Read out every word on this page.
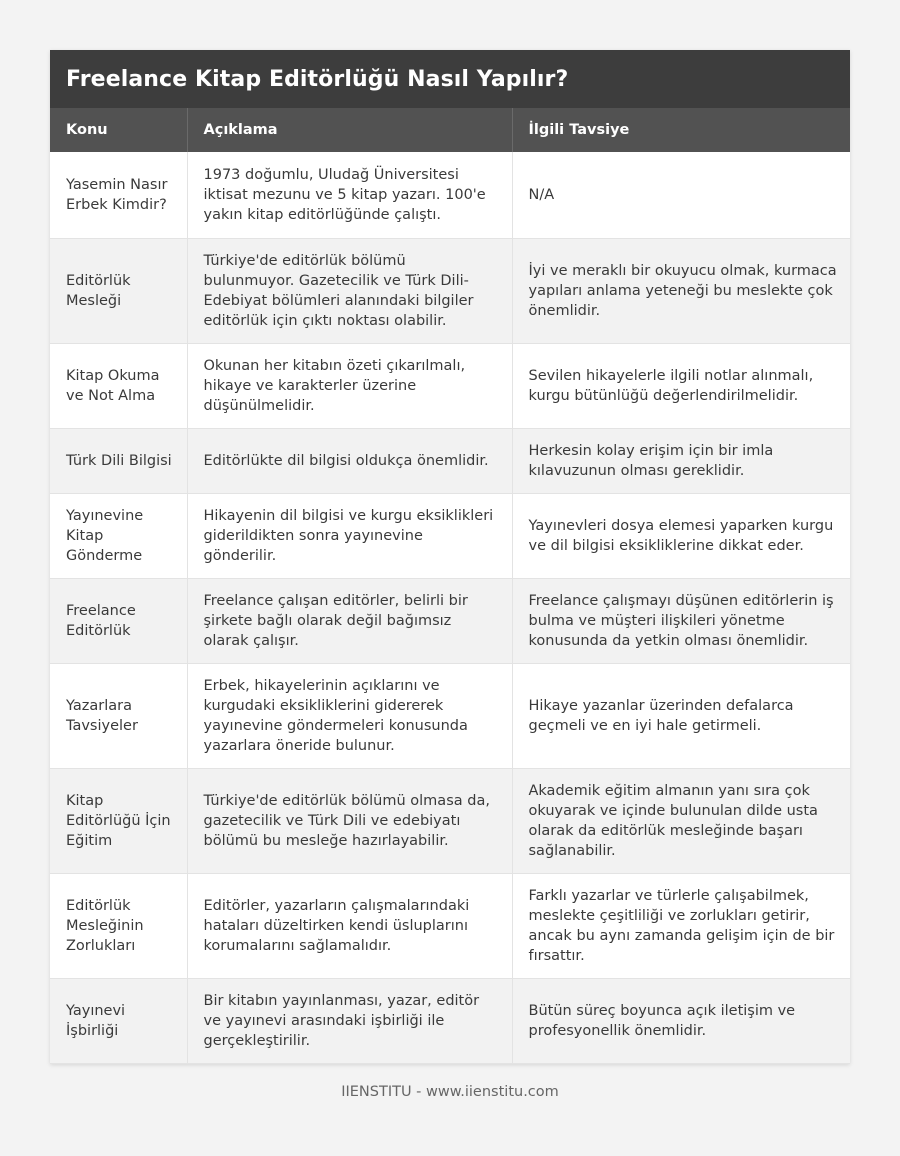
Freelance Kitap Editörlüğü Nasıl Yapılır?
Konu	Açıklama	İlgili Tavsiye
Yasemin Nasır Erbek Kimdir?	1973 doğumlu, Uludağ Üniversitesi iktisat mezunu ve 5 kitap yazarı. 100'e yakın kitap editörlüğünde çalıştı.	N/A
Editörlük Mesleği	Türkiye'de editörlük bölümü bulunmuyor. Gazetecilik ve Türk Dili-Edebiyat bölümleri alanındaki bilgiler editörlük için çıktı noktası olabilir.	İyi ve meraklı bir okuyucu olmak, kurmaca yapıları anlama yeteneği bu meslekte çok önemlidir.
Kitap Okuma ve Not Alma	Okunan her kitabın özeti çıkarılmalı, hikaye ve karakterler üzerine düşünülmelidir.	Sevilen hikayelerle ilgili notlar alınmalı, kurgu bütünlüğü değerlendirilmelidir.
Türk Dili Bilgisi	Editörlükte dil bilgisi oldukça önemlidir.	Herkesin kolay erişim için bir imla kılavuzunun olması gereklidir.
Yayınevine Kitap Gönderme	Hikayenin dil bilgisi ve kurgu eksiklikleri giderildikten sonra yayınevine gönderilir.	Yayınevleri dosya elemesi yaparken kurgu ve dil bilgisi eksikliklerine dikkat eder.
Freelance Editörlük	Freelance çalışan editörler, belirli bir şirkete bağlı olarak değil bağımsız olarak çalışır.	Freelance çalışmayı düşünen editörlerin iş bulma ve müşteri ilişkileri yönetme konusunda da yetkin olması önemlidir.
Yazarlara Tavsiyeler	Erbek, hikayelerinin açıklarını ve kurgudaki eksikliklerini gidererek yayınevine göndermeleri konusunda yazarlara öneride bulunur.	Hikaye yazanlar üzerinden defalarca geçmeli ve en iyi hale getirmeli.
Kitap Editörlüğü İçin Eğitim	Türkiye'de editörlük bölümü olmasa da, gazetecilik ve Türk Dili ve edebiyatı bölümü bu mesleğe hazırlayabilir.	Akademik eğitim almanın yanı sıra çok okuyarak ve içinde bulunulan dilde usta olarak da editörlük mesleğinde başarı sağlanabilir.
Editörlük Mesleğinin Zorlukları	Editörler, yazarların çalışmalarındaki hataları düzeltirken kendi üsluplarını korumalarını sağlamalıdır.	Farklı yazarlar ve türlerle çalışabilmek, meslekte çeşitliliği ve zorlukları getirir, ancak bu aynı zamanda gelişim için de bir fırsattır.
Yayınevi İşbirliği	Bir kitabın yayınlanması, yazar, editör ve yayınevi arasındaki işbirliği ile gerçekleştirilir.	Bütün süreç boyunca açık iletişim ve profesyonellik önemlidir.
IIENSTITU - www.iienstitu.com
